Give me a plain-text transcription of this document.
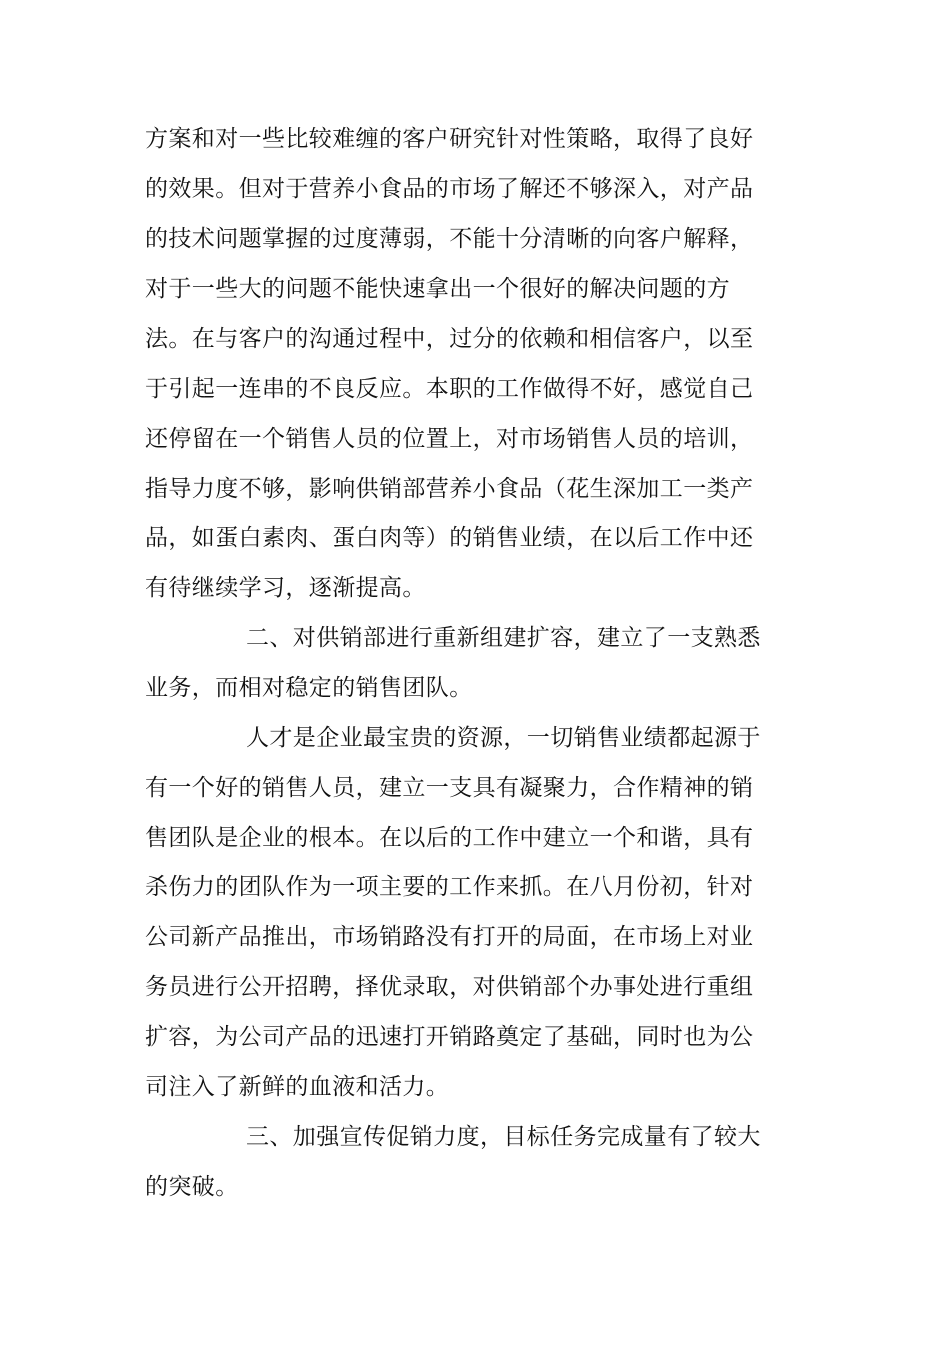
方案和对一些比较难缠的客户研究针对性策略，取得了良好
的效果。但对于营养小食品的市场了解还不够深入，对产品
的技术问题掌握的过度薄弱，不能十分清晰的向客户解释，
对于一些大的问题不能快速拿出一个很好的解决问题的方
法。在与客户的沟通过程中，过分的依赖和相信客户，以至
于引起一连串的不良反应。本职的工作做得不好，感觉自己
还停留在一个销售人员的位置上，对市场销售人员的培训，
指导力度不够，影响供销部营养小食品（花生深加工一类产
品，如蛋白素肉、蛋白肉等）的销售业绩，在以后工作中还
有待继续学习，逐渐提高。
二、对供销部进行重新组建扩容，建立了一支熟悉
业务，而相对稳定的销售团队。
人才是企业最宝贵的资源，一切销售业绩都起源于
有一个好的销售人员，建立一支具有凝聚力，合作精神的销
售团队是企业的根本。在以后的工作中建立一个和谐，具有
杀伤力的团队作为一项主要的工作来抓。在八月份初，针对
公司新产品推出，市场销路没有打开的局面，在市场上对业
务员进行公开招聘，择优录取，对供销部个办事处进行重组
扩容，为公司产品的迅速打开销路奠定了基础，同时也为公
司注入了新鲜的血液和活力。
三、加强宣传促销力度，目标任务完成量有了较大
的突破。
